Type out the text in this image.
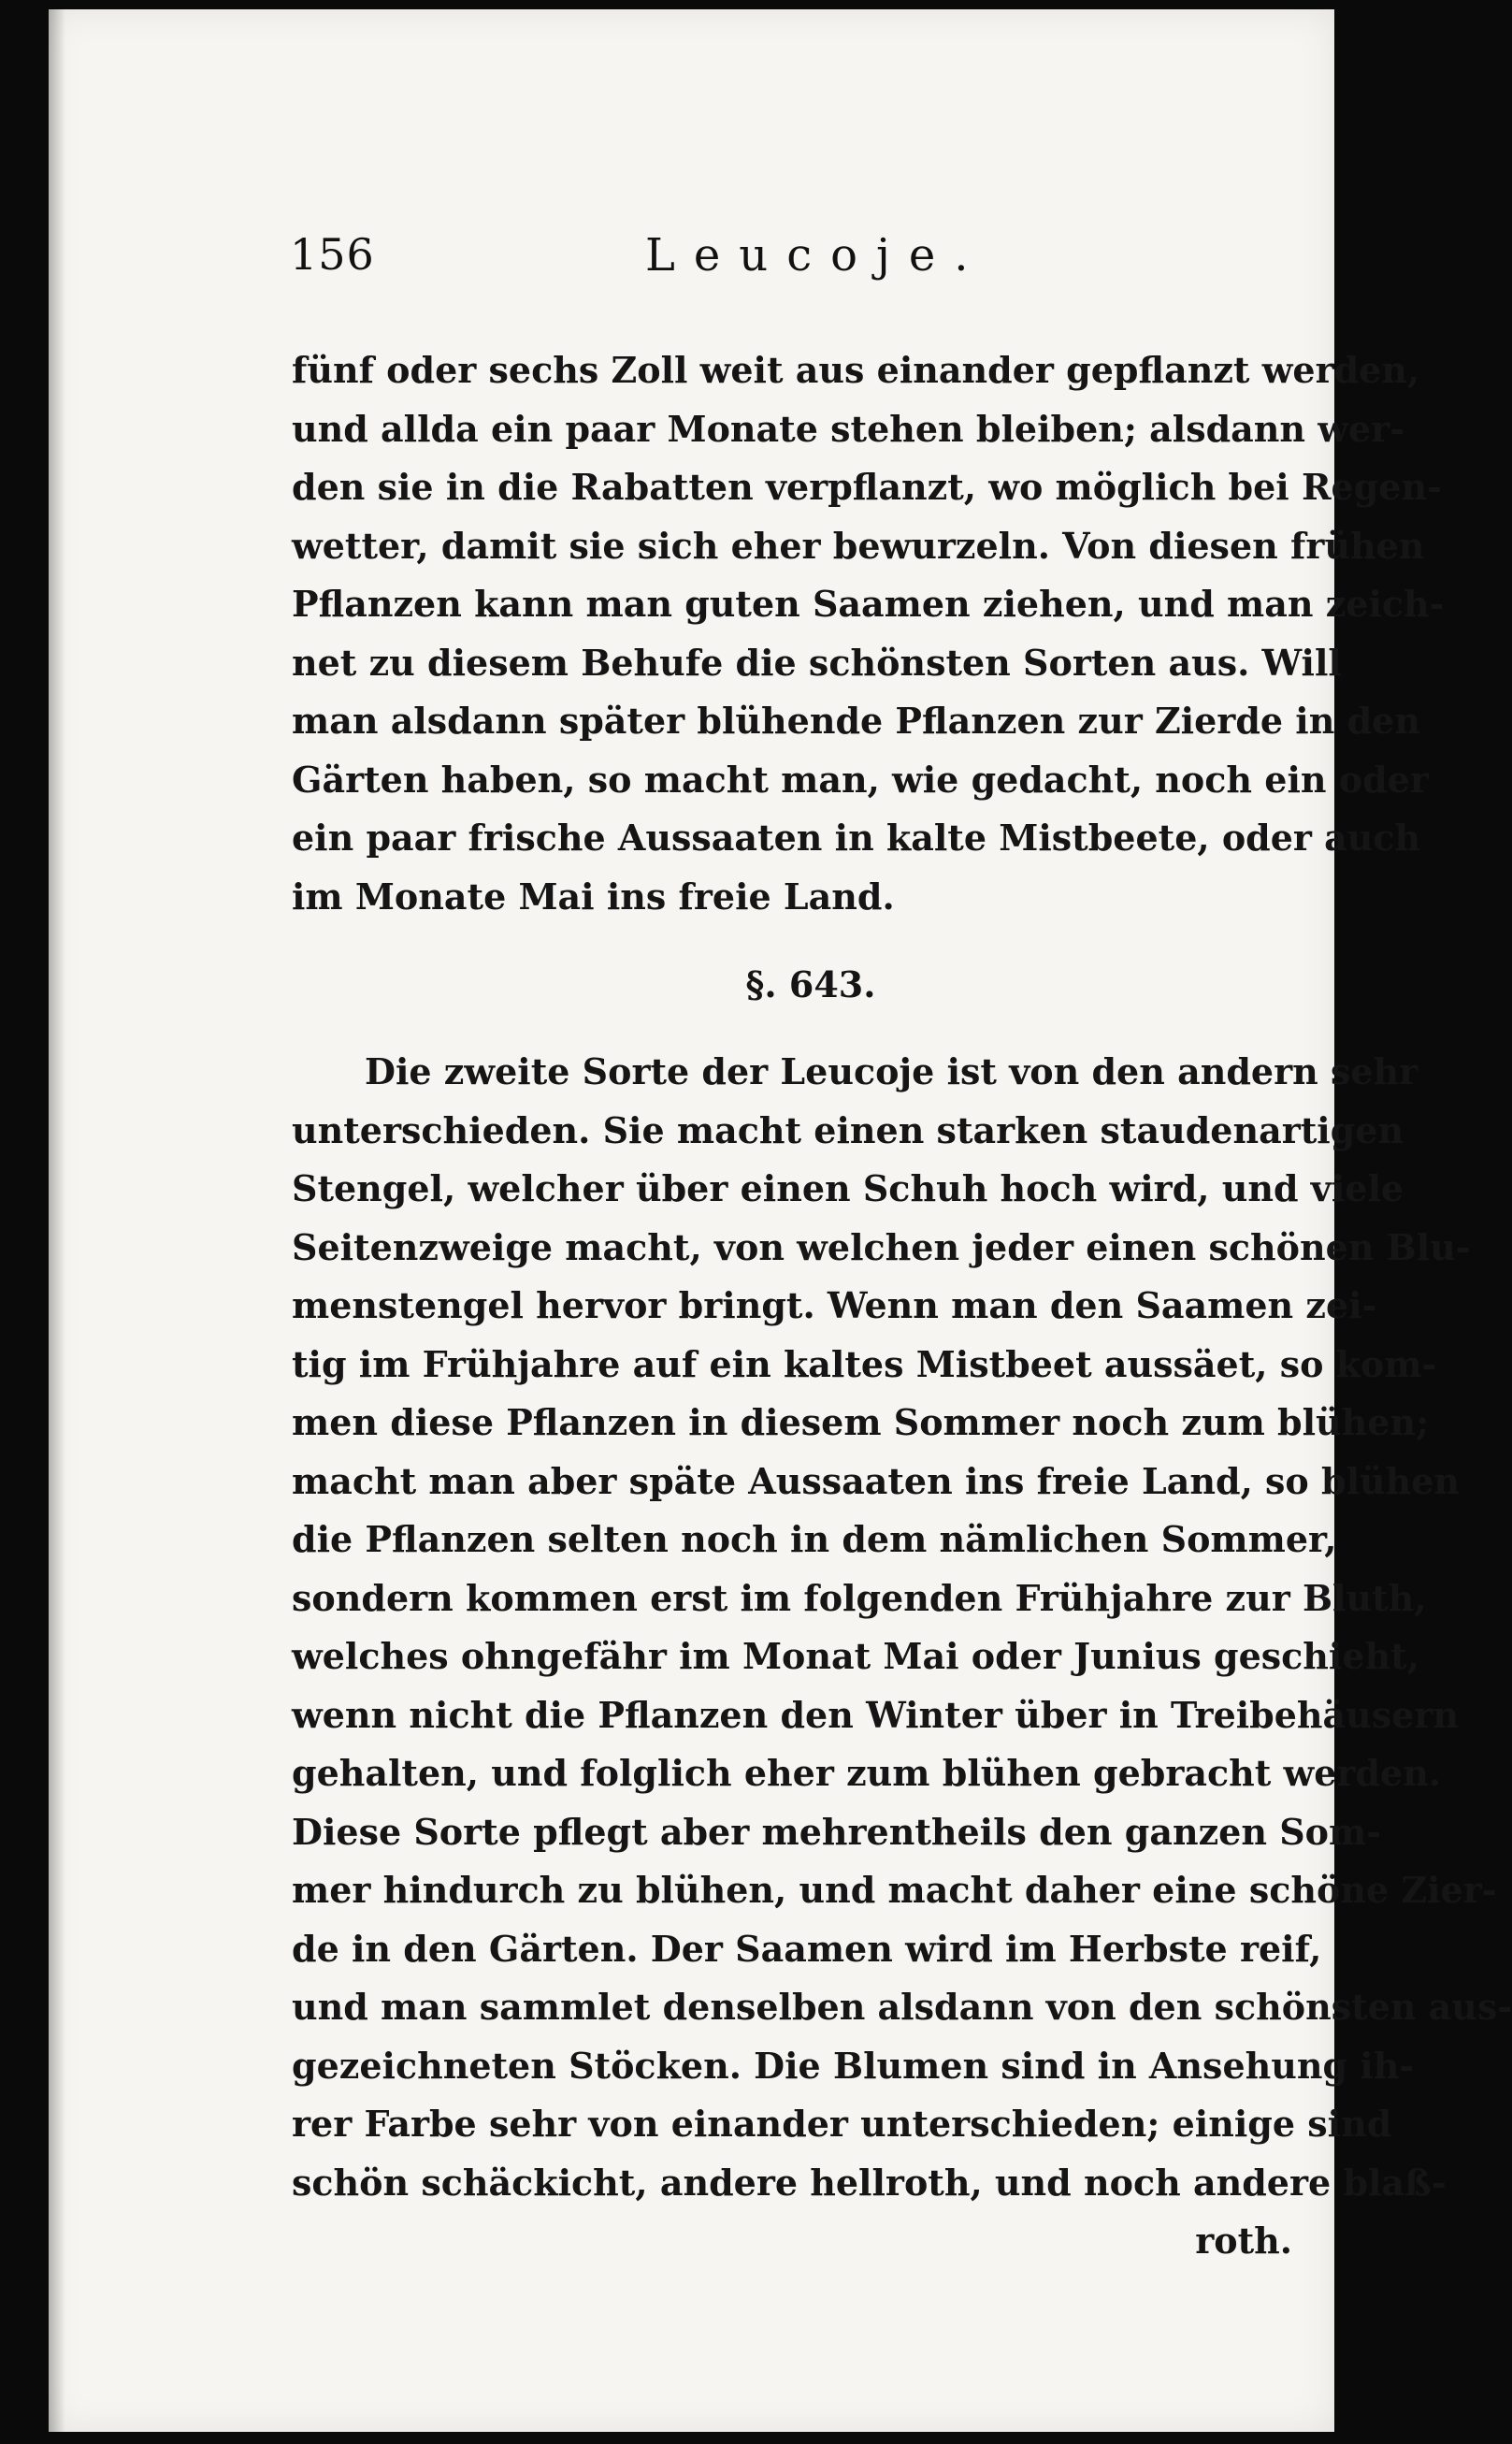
156	Leucoje.
fünf oder sechs Zoll weit aus einander gepflanzt werden,
und allda ein paar Monate stehen bleiben; alsdann wer-
den sie in die Rabatten verpflanzt, wo möglich bei Regen-
wetter, damit sie sich eher bewurzeln. Von diesen frühen
Pflanzen kann man guten Saamen ziehen, und man zeich-
net zu diesem Behufe die schönsten Sorten aus. Will
man alsdann später blühende Pflanzen zur Zierde in den
Gärten haben, so macht man, wie gedacht, noch ein oder
ein paar frische Aussaaten in kalte Mistbeete, oder auch
im Monate Mai ins freie Land.
§. 643.
Die zweite Sorte der Leucoje ist von den andern sehr
unterschieden. Sie macht einen starken staudenartigen
Stengel, welcher über einen Schuh hoch wird, und viele
Seitenzweige macht, von welchen jeder einen schönen Blu-
menstengel hervor bringt. Wenn man den Saamen zei-
tig im Frühjahre auf ein kaltes Mistbeet aussäet, so kom-
men diese Pflanzen in diesem Sommer noch zum blühen;
macht man aber späte Aussaaten ins freie Land, so blühen
die Pflanzen selten noch in dem nämlichen Sommer,
sondern kommen erst im folgenden Frühjahre zur Bluth,
welches ohngefähr im Monat Mai oder Junius geschieht,
wenn nicht die Pflanzen den Winter über in Treibehäusern
gehalten, und folglich eher zum blühen gebracht werden.
Diese Sorte pflegt aber mehrentheils den ganzen Som-
mer hindurch zu blühen, und macht daher eine schöne Zier-
de in den Gärten. Der Saamen wird im Herbste reif,
und man sammlet denselben alsdann von den schönsten aus-
gezeichneten Stöcken. Die Blumen sind in Ansehung ih-
rer Farbe sehr von einander unterschieden; einige sind
schön schäckicht, andere hellroth, und noch andere blaß-
roth.
